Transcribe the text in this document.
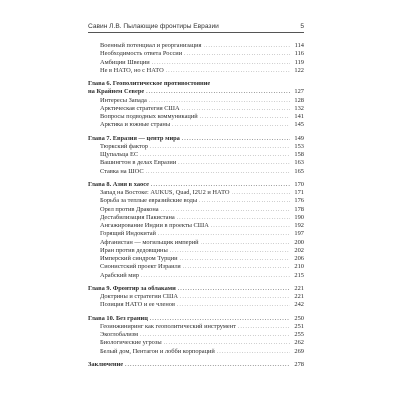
Савин Л.В. Пылающие фронтиры Евразии	5
Военный потенциал и реорганизация . . .	114
Необходимость ответа России . . .	116
Амбиции Швеции . . .	119
Не в НАТО, но с НАТО . . .	122
Глава 6. Геополитическое противостояние
на Крайнем Севере . . .	127
Интересы Запада . . .	128
Арктическая стратегия США . . .	132
Вопросы подводных коммуникаций . . .	141
Арктика и южные страны . . .	145
Глава 7. Евразия — центр мира . . .	149
Тюркский фактор . . .	153
Щупальца ЕС . . .	158
Вашингтон в делах Евразии . . .	163
Ставка на ШОС . . .	165
Глава 8. Азия в хаосе . . .	170
Запад на Востоке: AUKUS, Quad, I2U2 и НАТО . . .	171
Борьба за теплые евразийские воды . . .	176
Орел против Дракона . . .	178
Дестабилизация Пакистана . . .	190
Ангажирование Индии в проекты США . . .	192
Горящий Индокитай . . .	197
Афганистан — могильщик империй . . .	200
Иран против дедовщины . . .	202
Имперский синдром Турции . . .	206
Сионистский проект Израиля . . .	210
Арабский мир . . .	215
Глава 9. Фронтир за облаками . . .	221
Доктрины и стратегии США . . .	221
Позиция НАТО и ее членов . . .	242
Глава 10. Без границ . . .	250
Геоинжиниринг как геополитический инструмент . . .	251
Экоглобализм . . .	255
Биологические угрозы . . .	262
Белый дом, Пентагон и лобби корпораций . . .	269
Заключение . . .	278
